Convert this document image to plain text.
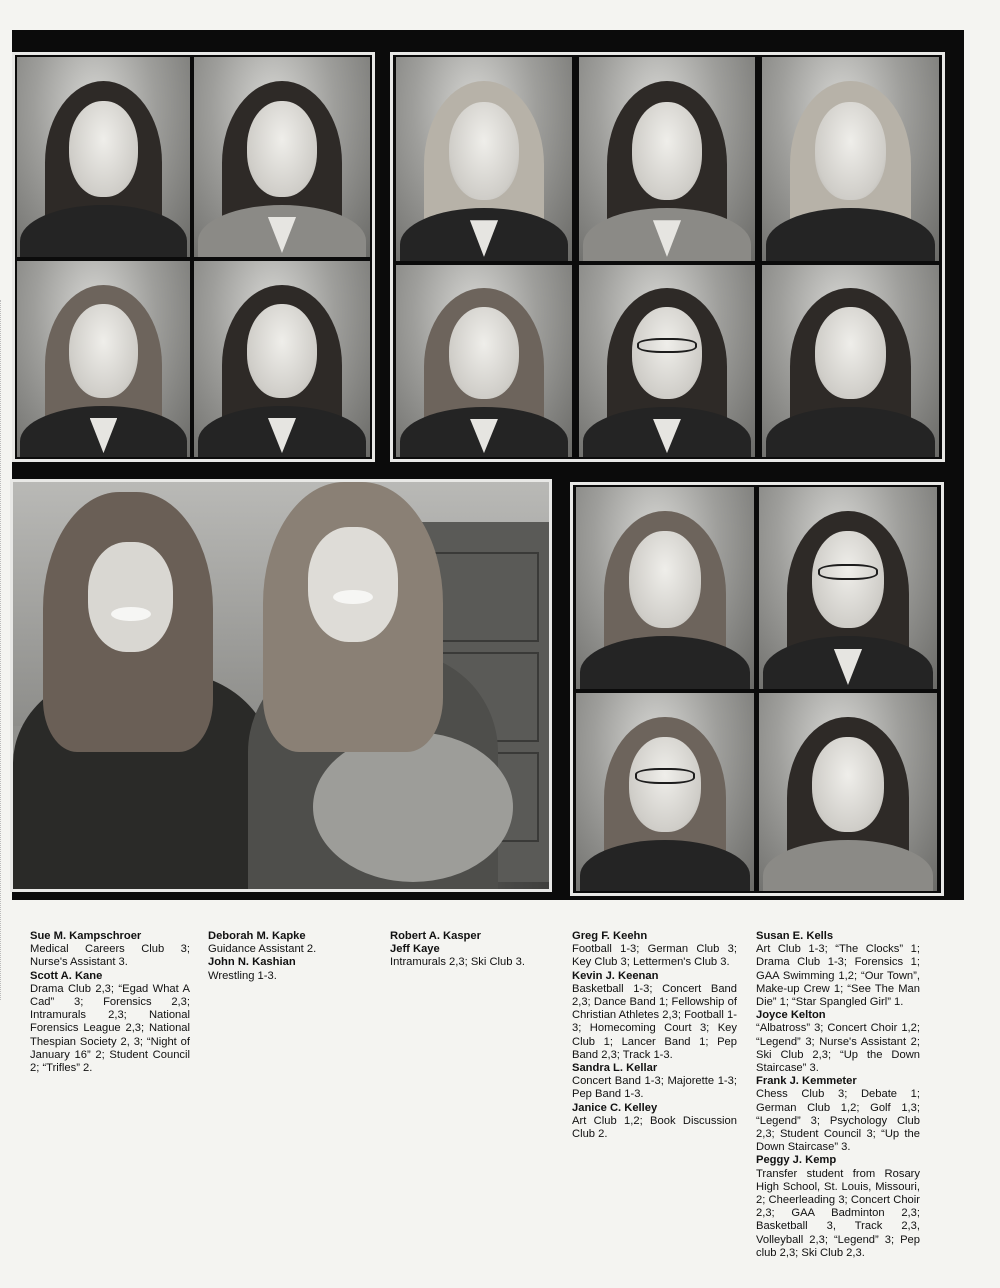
Sue M. Kampschroer
Medical Careers Club 3; Nurse's Assistant 3.
Scott A. Kane
Drama Club 2,3; “Egad What A Cad” 3; Forensics 2,3; Intramurals 2,3; National Forensics League 2,3; National Thespian Society 2, 3; “Night of January 16” 2; Student Council 2; “Trifles” 2.
Deborah M. Kapke
Guidance Assistant 2.
John N. Kashian
Wrestling 1-3.
Robert A. Kasper
Jeff Kaye
Intramurals 2,3; Ski Club 3.
Greg F. Keehn
Football 1-3; German Club 3; Key Club 3; Lettermen's Club 3.
Kevin J. Keenan
Basketball 1-3; Concert Band 2,3; Dance Band 1; Fellowship of Christian Athletes 2,3; Football 1-3; Homecoming Court 3; Key Club 1; Lancer Band 1; Pep Band 2,3; Track 1-3.
Sandra L. Kellar
Concert Band 1-3; Majorette 1-3; Pep Band 1-3.
Janice C. Kelley
Art Club 1,2; Book Discussion Club 2.
Susan E. Kells
Art Club 1-3; “The Clocks” 1; Drama Club 1-3; Forensics 1; GAA Swimming 1,2; “Our Town”, Make-up Crew 1; “See The Man Die” 1; “Star Spangled Girl” 1.
Joyce Kelton
“Albatross” 3; Concert Choir 1,2; “Legend” 3; Nurse's Assistant 2; Ski Club 2,3; “Up the Down Staircase” 3.
Frank J. Kemmeter
Chess Club 3; Debate 1; German Club 1,2; Golf 1,3; “Legend” 3; Psychology Club 2,3; Student Council 3; “Up the Down Staircase” 3.
Peggy J. Kemp
Transfer student from Rosary High School, St. Louis, Missouri, 2; Cheerleading 3; Concert Choir 2,3; GAA Badminton 2,3; Basketball 3, Track 2,3, Volleyball 2,3; “Legend” 3; Pep club 2,3; Ski Club 2,3.
